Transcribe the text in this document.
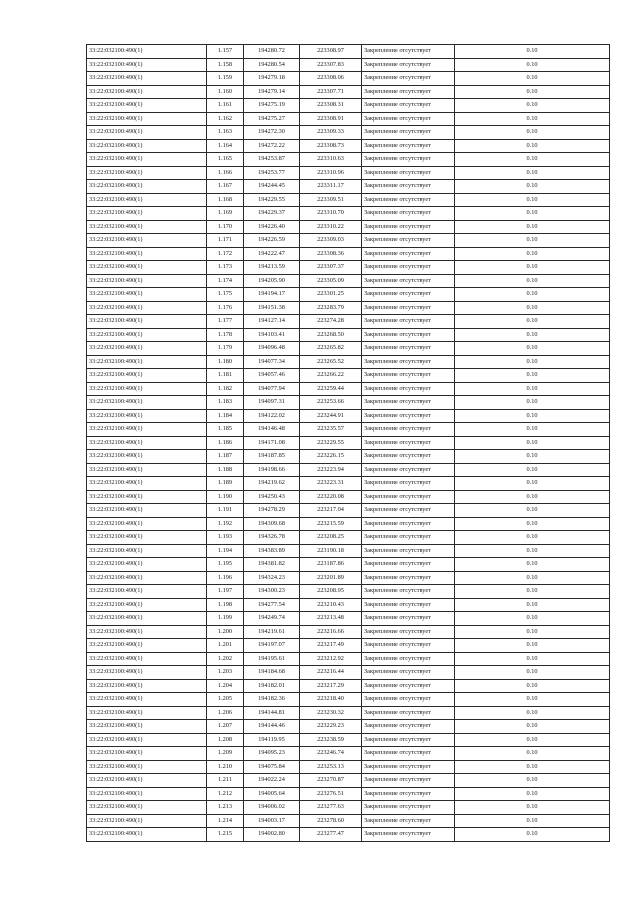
33:22:032100:490(1)	1.157	194280.72	223308.97	Закрепление отсутствует	0.10
33:22:032100:490(1)	1.158	194280.54	223307.83	Закрепление отсутствует	0.10
33:22:032100:490(1)	1.159	194279.18	223308.06	Закрепление отсутствует	0.10
33:22:032100:490(1)	1.160	194279.14	223307.71	Закрепление отсутствует	0.10
33:22:032100:490(1)	1.161	194275.19	223308.31	Закрепление отсутствует	0.10
33:22:032100:490(1)	1.162	194275.27	223308.91	Закрепление отсутствует	0.10
33:22:032100:490(1)	1.163	194272.30	223309.33	Закрепление отсутствует	0.10
33:22:032100:490(1)	1.164	194272.22	223308.73	Закрепление отсутствует	0.10
33:22:032100:490(1)	1.165	194253.87	223310.63	Закрепление отсутствует	0.10
33:22:032100:490(1)	1.166	194253.77	223310.96	Закрепление отсутствует	0.10
33:22:032100:490(1)	1.167	194244.45	223311.17	Закрепление отсутствует	0.10
33:22:032100:490(1)	1.168	194229.55	223309.51	Закрепление отсутствует	0.10
33:22:032100:490(1)	1.169	194229.37	223310.70	Закрепление отсутствует	0.10
33:22:032100:490(1)	1.170	194226.40	223310.22	Закрепление отсутствует	0.10
33:22:032100:490(1)	1.171	194226.59	223309.03	Закрепление отсутствует	0.10
33:22:032100:490(1)	1.172	194222.47	223308.36	Закрепление отсутствует	0.10
33:22:032100:490(1)	1.173	194213.59	223307.37	Закрепление отсутствует	0.10
33:22:032100:490(1)	1.174	194205.90	223305.09	Закрепление отсутствует	0.10
33:22:032100:490(1)	1.175	194194.17	223301.25	Закрепление отсутствует	0.10
33:22:032100:490(1)	1.176	194151.38	223283.79	Закрепление отсутствует	0.10
33:22:032100:490(1)	1.177	194127.14	223274.28	Закрепление отсутствует	0.10
33:22:032100:490(1)	1.178	194103.41	223268.50	Закрепление отсутствует	0.10
33:22:032100:490(1)	1.179	194096.48	223265.82	Закрепление отсутствует	0.10
33:22:032100:490(1)	1.180	194077.34	223265.52	Закрепление отсутствует	0.10
33:22:032100:490(1)	1.181	194057.46	223266.22	Закрепление отсутствует	0.10
33:22:032100:490(1)	1.182	194077.94	223259.44	Закрепление отсутствует	0.10
33:22:032100:490(1)	1.183	194097.31	223253.66	Закрепление отсутствует	0.10
33:22:032100:490(1)	1.184	194122.02	223244.91	Закрепление отсутствует	0.10
33:22:032100:490(1)	1.185	194146.48	223235.57	Закрепление отсутствует	0.10
33:22:032100:490(1)	1.186	194171.08	223229.55	Закрепление отсутствует	0.10
33:22:032100:490(1)	1.187	194187.85	223226.15	Закрепление отсутствует	0.10
33:22:032100:490(1)	1.188	194198.66	223223.94	Закрепление отсутствует	0.10
33:22:032100:490(1)	1.189	194219.62	223223.31	Закрепление отсутствует	0.10
33:22:032100:490(1)	1.190	194250.43	223220.08	Закрепление отсутствует	0.10
33:22:032100:490(1)	1.191	194278.29	223217.04	Закрепление отсутствует	0.10
33:22:032100:490(1)	1.192	194309.68	223215.59	Закрепление отсутствует	0.10
33:22:032100:490(1)	1.193	194326.78	223208.25	Закрепление отсутствует	0.10
33:22:032100:490(1)	1.194	194383.89	223190.18	Закрепление отсутствует	0.10
33:22:032100:490(1)	1.195	194381.82	223187.86	Закрепление отсутствует	0.10
33:22:032100:490(1)	1.196	194324.23	223201.89	Закрепление отсутствует	0.10
33:22:032100:490(1)	1.197	194300.23	223208.95	Закрепление отсутствует	0.10
33:22:032100:490(1)	1.198	194277.54	223210.43	Закрепление отсутствует	0.10
33:22:032100:490(1)	1.199	194249.74	223213.48	Закрепление отсутствует	0.10
33:22:032100:490(1)	1.200	194219.61	223216.66	Закрепление отсутствует	0.10
33:22:032100:490(1)	1.201	194197.07	223217.49	Закрепление отсутствует	0.10
33:22:032100:490(1)	1.202	194195.61	223212.92	Закрепление отсутствует	0.10
33:22:032100:490(1)	1.203	194184.68	223216.44	Закрепление отсутствует	0.10
33:22:032100:490(1)	1.204	194182.01	223217.29	Закрепление отсутствует	0.10
33:22:032100:490(1)	1.205	194182.36	223218.40	Закрепление отсутствует	0.10
33:22:032100:490(1)	1.206	194144.81	223230.32	Закрепление отсутствует	0.10
33:22:032100:490(1)	1.207	194144.46	223229.23	Закрепление отсутствует	0.10
33:22:032100:490(1)	1.208	194119.95	223238.59	Закрепление отсутствует	0.10
33:22:032100:490(1)	1.209	194095.23	223246.74	Закрепление отсутствует	0.10
33:22:032100:490(1)	1.210	194075.84	223253.13	Закрепление отсутствует	0.10
33:22:032100:490(1)	1.211	194022.24	223270.87	Закрепление отсутствует	0.10
33:22:032100:490(1)	1.212	194005.64	223276.51	Закрепление отсутствует	0.10
33:22:032100:490(1)	1.213	194006.02	223277.63	Закрепление отсутствует	0.10
33:22:032100:490(1)	1.214	194003.17	223278.60	Закрепление отсутствует	0.10
33:22:032100:490(1)	1.215	194002.80	223277.47	Закрепление отсутствует	0.10
